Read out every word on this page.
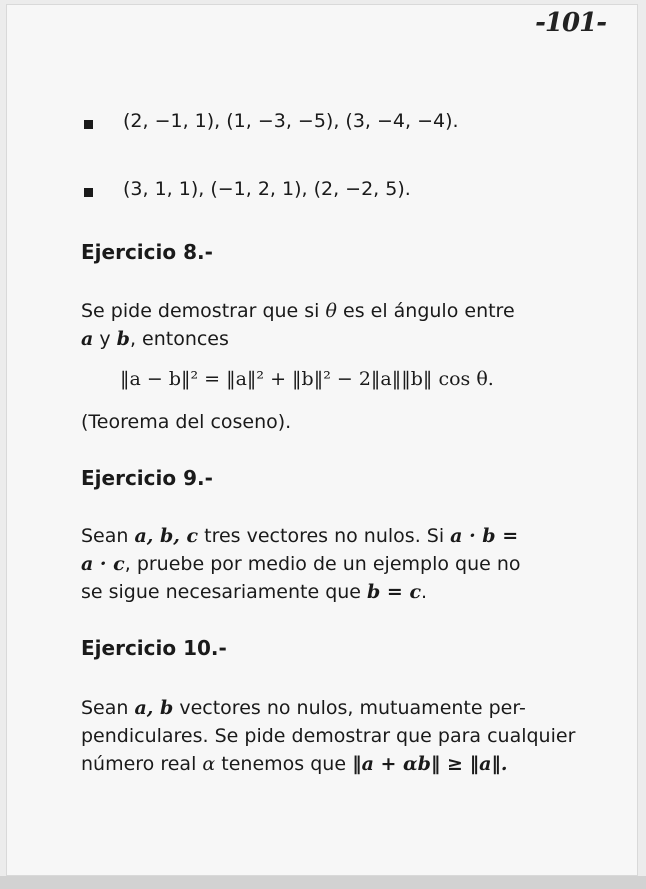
-101-
(2, −1, 1), (1, −3, −5), (3, −4, −4).
(3, 1, 1), (−1, 2, 1), (2, −2, 5).
Ejercicio 8.-
Se pide demostrar que si θ es el ángulo entre
a y b, entonces
‖a − b‖² = ‖a‖² + ‖b‖² − 2‖a‖‖b‖ cos θ.
(Teorema del coseno).
Ejercicio 9.-
Sean a, b, c tres vectores no nulos. Si a · b =
a · c, pruebe por medio de un ejemplo que no
se sigue necesariamente que b = c.
Ejercicio 10.-
Sean a, b vectores no nulos, mutuamente per-
pendiculares. Se pide demostrar que para cualquier
número real α tenemos que ‖a + αb‖ ≥ ‖a‖.
